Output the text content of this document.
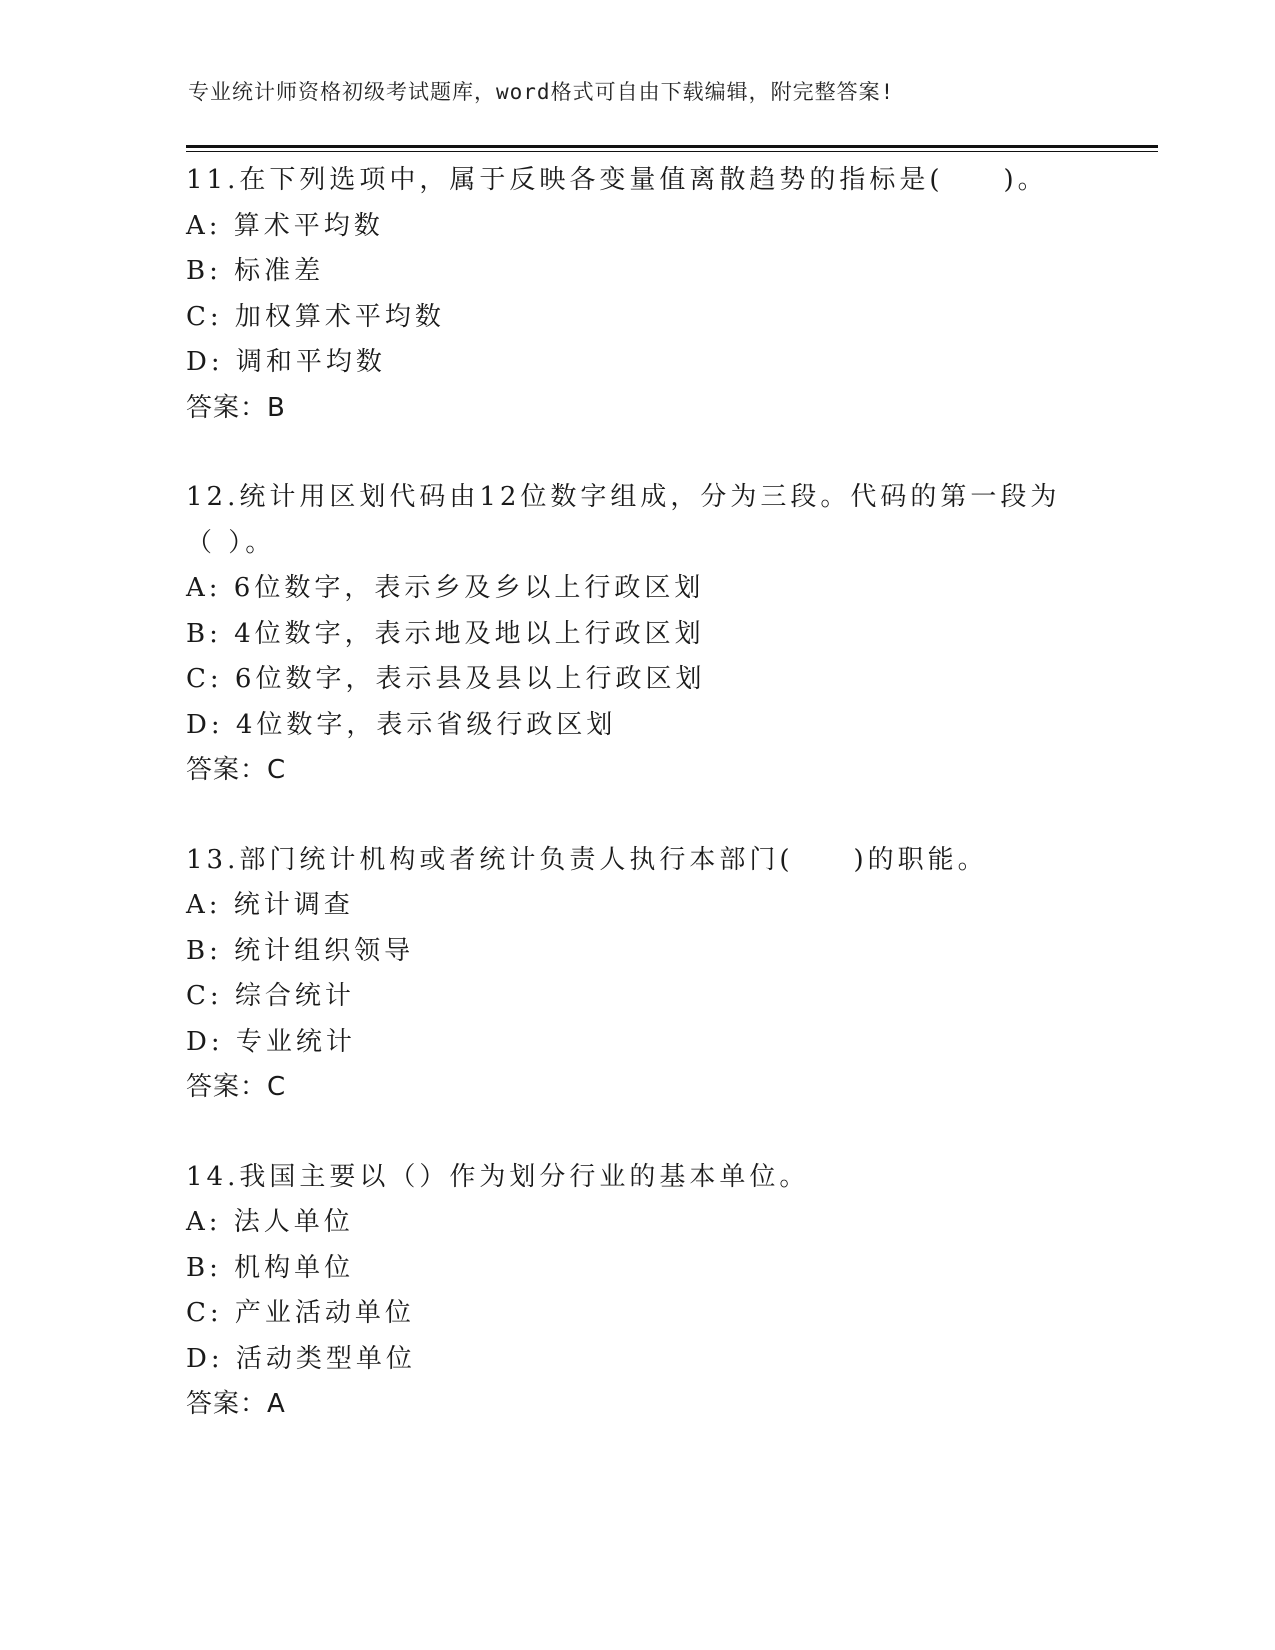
专业统计师资格初级考试题库，word格式可自由下载编辑，附完整答案!
11.在下列选项中，属于反映各变量值离散趋势的指标是(　　)。
A: 算术平均数
B: 标准差
C: 加权算术平均数
D: 调和平均数
答案：B
12.统计用区划代码由12位数字组成，分为三段。代码的第一段为（ ）。
A: 6位数字，表示乡及乡以上行政区划
B: 4位数字，表示地及地以上行政区划
C: 6位数字，表示县及县以上行政区划
D: 4位数字，表示省级行政区划
答案：C
13.部门统计机构或者统计负责人执行本部门(　　)的职能。
A: 统计调查
B: 统计组织领导
C: 综合统计
D: 专业统计
答案：C
14.我国主要以（）作为划分行业的基本单位。
A: 法人单位
B: 机构单位
C: 产业活动单位
D: 活动类型单位
答案：A
